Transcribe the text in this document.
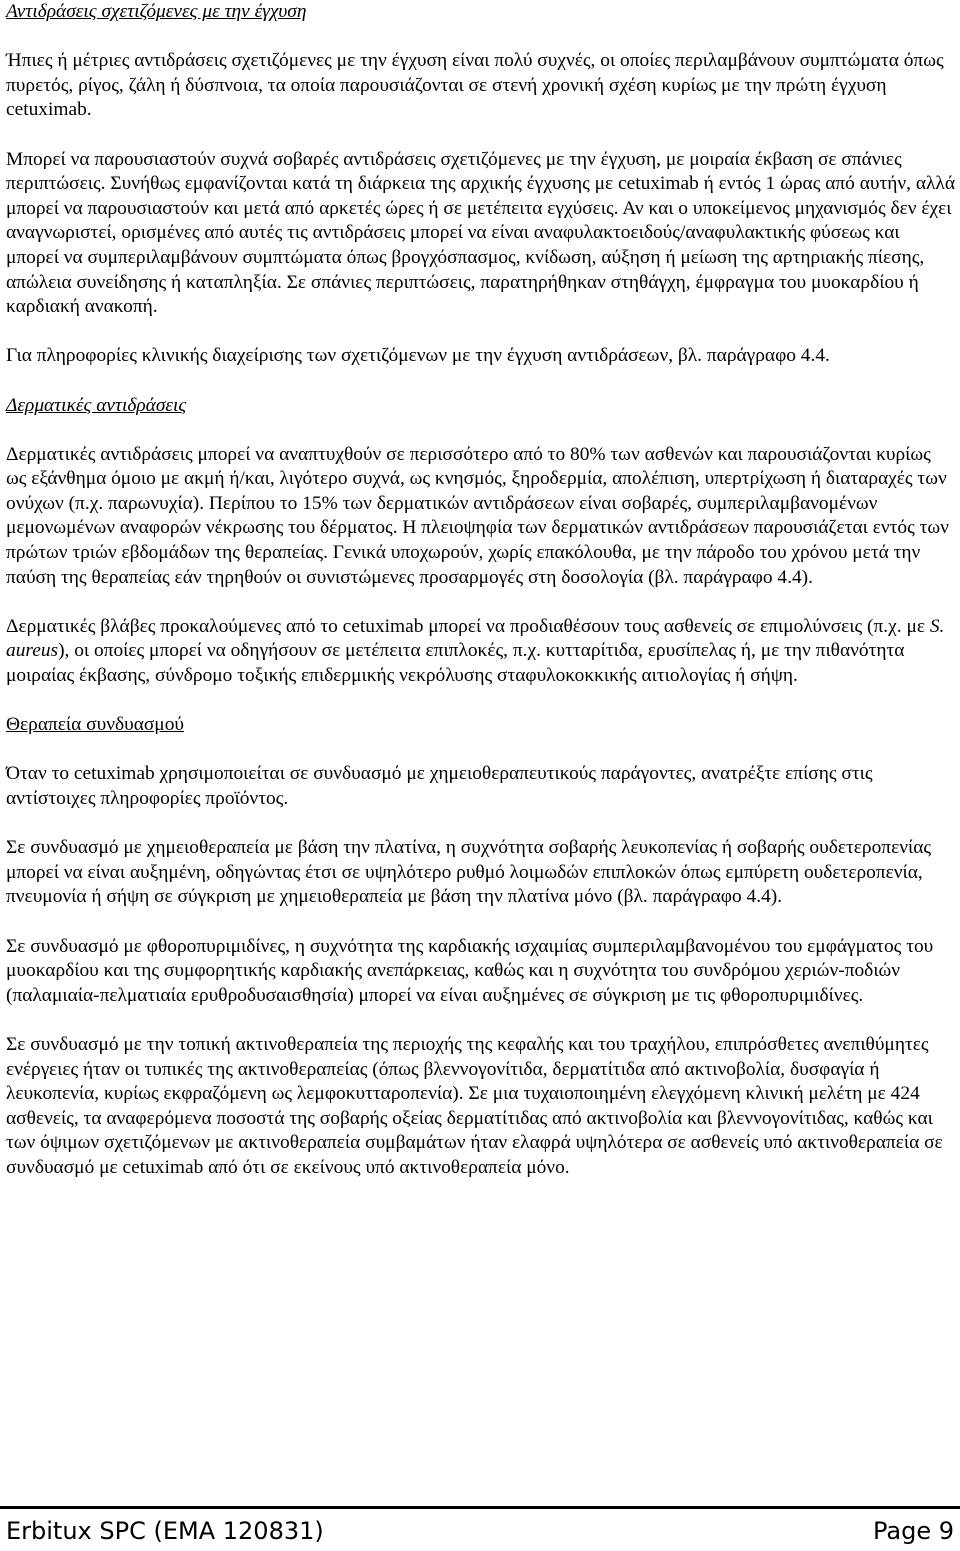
Αντιδράσεις σχετιζόμενες με την έγχυση

Ήπιες ή μέτριες αντιδράσεις σχετιζόμενες με την έγχυση είναι πολύ συχνές, οι οποίες περιλαμβάνουν συμπτώματα όπως πυρετός, ρίγος, ζάλη ή δύσπνοια, τα οποία παρουσιάζονται σε στενή χρονική σχέση κυρίως με την πρώτη έγχυση cetuximab.

Μπορεί να παρουσιαστούν συχνά σοβαρές αντιδράσεις σχετιζόμενες με την έγχυση, με μοιραία έκβαση σε σπάνιες περιπτώσεις. Συνήθως εμφανίζονται κατά τη διάρκεια της αρχικής έγχυσης με cetuximab ή εντός 1 ώρας από αυτήν, αλλά μπορεί να παρουσιαστούν και μετά από αρκετές ώρες ή σε μετέπειτα εγχύσεις. Αν και ο υποκείμενος μηχανισμός δεν έχει αναγνωριστεί, ορισμένες από αυτές τις αντιδράσεις μπορεί να είναι αναφυλακτοειδούς/αναφυλακτικής φύσεως και μπορεί να συμπεριλαμβάνουν συμπτώματα όπως βρογχόσπασμος, κνίδωση, αύξηση ή μείωση της αρτηριακής πίεσης, απώλεια συνείδησης ή καταπληξία. Σε σπάνιες περιπτώσεις, παρατηρήθηκαν στηθάγχη, έμφραγμα του μυοκαρδίου ή καρδιακή ανακοπή.

Για πληροφορίες κλινικής διαχείρισης των σχετιζόμενων με την έγχυση αντιδράσεων, βλ. παράγραφο 4.4.

Δερματικές αντιδράσεις

Δερματικές αντιδράσεις μπορεί να αναπτυχθούν σε περισσότερο από το 80% των ασθενών και παρουσιάζονται κυρίως ως εξάνθημα όμοιο με ακμή ή/και, λιγότερο συχνά, ως κνησμός, ξηροδερμία, απολέπιση, υπερτρίχωση ή διαταραχές των ονύχων (π.χ. παρωνυχία). Περίπου το 15% των δερματικών αντιδράσεων είναι σοβαρές, συμπεριλαμβανομένων μεμονωμένων αναφορών νέκρωσης του δέρματος. Η πλειοψηφία των δερματικών αντιδράσεων παρουσιάζεται εντός των πρώτων τριών εβδομάδων της θεραπείας. Γενικά υποχωρούν, χωρίς επακόλουθα, με την πάροδο του χρόνου μετά την παύση της θεραπείας εάν τηρηθούν οι συνιστώμενες προσαρμογές στη δοσολογία (βλ. παράγραφο 4.4).

Δερματικές βλάβες προκαλούμενες από το cetuximab μπορεί να προδιαθέσουν τους ασθενείς σε επιμολύνσεις (π.χ. με S. aureus), οι οποίες μπορεί να οδηγήσουν σε μετέπειτα επιπλοκές, π.χ. κυτταρίτιδα, ερυσίπελας ή, με την πιθανότητα μοιραίας έκβασης, σύνδρομο τοξικής επιδερμικής νεκρόλυσης σταφυλοκοκκικής αιτιολογίας ή σήψη.

Θεραπεία συνδυασμού

Όταν το cetuximab χρησιμοποιείται σε συνδυασμό με χημειοθεραπευτικούς παράγοντες, ανατρέξτε επίσης στις αντίστοιχες πληροφορίες προϊόντος.

Σε συνδυασμό με χημειοθεραπεία με βάση την πλατίνα, η συχνότητα σοβαρής λευκοπενίας ή σοβαρής ουδετεροπενίας μπορεί να είναι αυξημένη, οδηγώντας έτσι σε υψηλότερο ρυθμό λοιμωδών επιπλοκών όπως εμπύρετη ουδετεροπενία, πνευμονία ή σήψη σε σύγκριση με χημειοθεραπεία με βάση την πλατίνα μόνο (βλ. παράγραφο 4.4).

Σε συνδυασμό με φθοροπυριμιδίνες, η συχνότητα της καρδιακής ισχαιμίας συμπεριλαμβανομένου του εμφάγματος του μυοκαρδίου και της συμφορητικής καρδιακής ανεπάρκειας, καθώς και η συχνότητα του συνδρόμου χεριών-ποδιών (παλαμιαία-πελματιαία ερυθροδυσαισθησία) μπορεί να είναι αυξημένες σε σύγκριση με τις φθοροπυριμιδίνες.

Σε συνδυασμό με την τοπική ακτινοθεραπεία της περιοχής της κεφαλής και του τραχήλου, επιπρόσθετες ανεπιθύμητες ενέργειες ήταν οι τυπικές της ακτινοθεραπείας (όπως βλεννογονίτιδα, δερματίτιδα από ακτινοβολία, δυσφαγία ή λευκοπενία, κυρίως εκφραζόμενη ως λεμφοκυτταροπενία). Σε μια τυχαιοποιημένη ελεγχόμενη κλινική μελέτη με 424 ασθενείς, τα αναφερόμενα ποσοστά της σοβαρής οξείας δερματίτιδας από ακτινοβολία και βλεννογονίτιδας, καθώς και των όψιμων σχετιζόμενων με ακτινοθεραπεία συμβαμάτων ήταν ελαφρά υψηλότερα σε ασθενείς υπό ακτινοθεραπεία σε συνδυασμό με cetuximab από ότι σε εκείνους υπό ακτινοθεραπεία μόνο.

Erbitux SPC (EMA 120831)	Page 9
